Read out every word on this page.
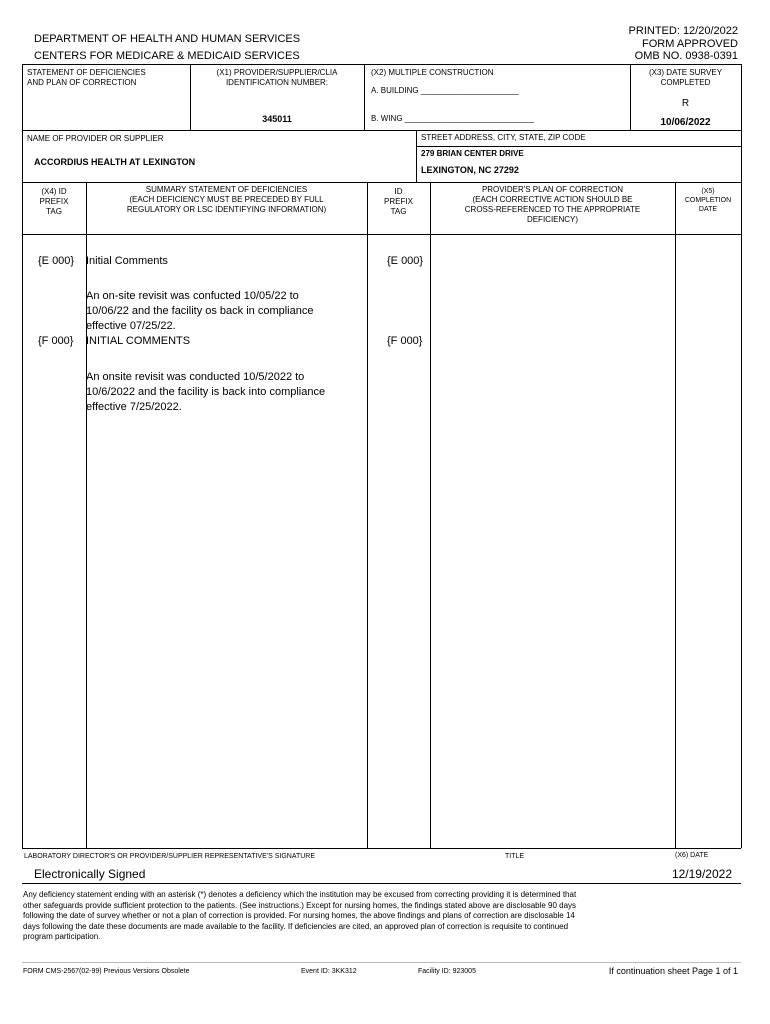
DEPARTMENT OF HEALTH AND HUMAN SERVICES
CENTERS FOR MEDICARE & MEDICAID SERVICES
PRINTED: 12/20/2022
FORM APPROVED
OMB NO. 0938-0391
STATEMENT OF DEFICIENCIES
AND PLAN OF CORRECTION
(X1) PROVIDER/SUPPLIER/CLIA
IDENTIFICATION NUMBER:
345011
(X2) MULTIPLE CONSTRUCTION
A. BUILDING ______________________
B. WING _____________________________
(X3) DATE SURVEY
COMPLETED
R
10/06/2022
NAME OF PROVIDER OR SUPPLIER
ACCORDIUS HEALTH AT LEXINGTON
STREET ADDRESS, CITY, STATE, ZIP CODE
279 BRIAN CENTER DRIVE
LEXINGTON, NC 27292
(X4) ID
PREFIX
TAG
SUMMARY STATEMENT OF DEFICIENCIES
(EACH DEFICIENCY MUST BE PRECEDED BY FULL
REGULATORY OR LSC IDENTIFYING INFORMATION)
ID
PREFIX
TAG
PROVIDER'S PLAN OF CORRECTION
(EACH CORRECTIVE ACTION SHOULD BE
CROSS-REFERENCED TO THE APPROPRIATE
DEFICIENCY)
(X5)
COMPLETION
DATE
{E 000} Initial Comments	{E 000}
An on-site revisit was confucted 10/05/22 to
10/06/22 and the facility os back in compliance
effective 07/25/22.
{F 000} INITIAL COMMENTS	{F 000}
An onsite revisit was conducted 10/5/2022 to
10/6/2022 and the facility is back into compliance
effective 7/25/2022.
LABORATORY DIRECTOR'S OR PROVIDER/SUPPLIER REPRESENTATIVE'S SIGNATURE	TITLE	(X6) DATE
Electronically Signed	12/19/2022
Any deficiency statement ending with an asterisk (*) denotes a deficiency which the institution may be excused from correcting providing it is determined that
other safeguards provide sufficient protection to the patients. (See instructions.) Except for nursing homes, the findings stated above are disclosable 90 days
following the date of survey whether or not a plan of correction is provided. For nursing homes, the above findings and plans of correction are disclosable 14
days following the date these documents are made available to the facility. If deficiencies are cited, an approved plan of correction is requisite to continued
program participation.
FORM CMS-2567(02-99) Previous Versions Obsolete	Event ID: 3KK312	Facility ID: 923005	If continuation sheet Page 1 of 1
